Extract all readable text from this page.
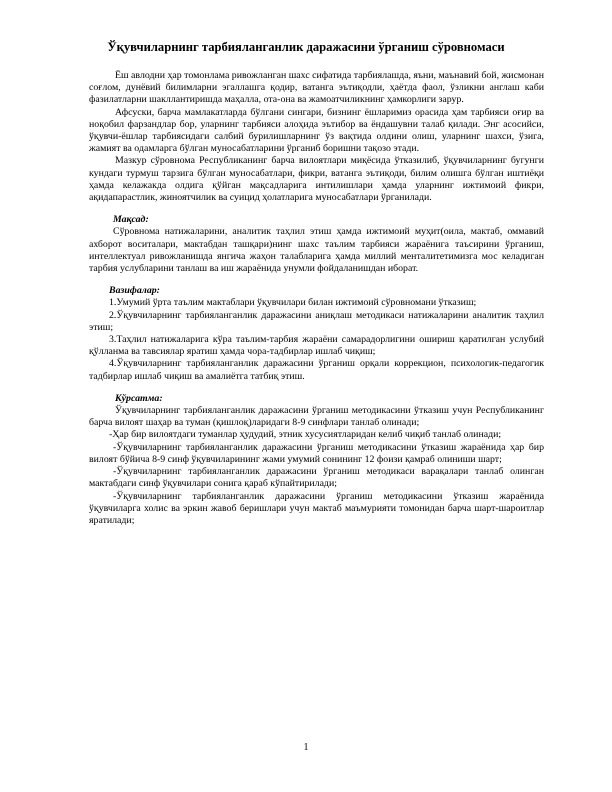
Ўқувчиларнинг тарбияланганлик даражасини ўрганиш сўровномаси

Ёш авлодни ҳар томонлама ривожланган шахс сифатида тарбиялашда, яъни, маънавий бой, жисмонан соғлом, дунёвий билимларни эгаллашга қодир, ватанга эътиқодли, ҳаётда фаол, ўзликни англаш каби фазилатларни шакллантиришда маҳалла, ота-она ва жамоатчиликнинг ҳамкорлиги зарур.

Афсуски, барча мамлакатларда бўлгани сингари, бизнинг ёшларимиз орасида ҳам тарбияси оғир ва ноқобил фарзандлар бор, уларнинг тарбияси алоҳида эътибор ва ёндашувни талаб қилади. Энг асосийси, ўқувчи-ёшлар тарбиясидаги салбий бурилишларнинг ўз вақтида олдини олиш, уларнинг шахси, ўзига, жамият ва одамларга бўлган муносабатларини ўрганиб боришни тақозо этади.

Мазкур сўровнома Республиканинг барча вилоятлари миқёсида ўтказилиб, ўқувчиларнинг бугунги кундаги турмуш тарзига бўлган муносабатлари, фикри, ватанга эътиқоди, билим олишга бўлган иштиёқи ҳамда келажакда олдига қўйган мақсадларига интилишлари ҳамда уларнинг ижтимоий фикри, ақидапарастлик, жиноятчилик ва суицид ҳолатларига муносабатлари ўрганилади.

Мақсад:

Сўровнома натижаларини, аналитик таҳлил этиш ҳамда ижтимоий муҳит(оила, мактаб, оммавий ахборот воситалари, мактабдан ташқари)нинг шахс таълим тарбияси жараёнига таъсирини ўрганиш, интеллектуал ривожланишда янгича жаҳон талабларига ҳамда миллий менталитетимизга мос келадиган тарбия услубларини танлаш ва иш жараёнида унумли фойдаланишдан иборат.

Вазифалар:

1.Умумий ўрта таълим мактаблари ўқувчилари билан ижтимоий сўровномани ўтказиш;

2.Ўқувчиларнинг тарбияланганлик даражасини аниқлаш методикаси натижаларини аналитик таҳлил этиш;

3.Таҳлил натижаларига кўра таълим-тарбия жараёни самарадорлигини ошириш қаратилган услубий қўлланма ва тавсиялар яратиш ҳамда чора-тадбирлар ишлаб чиқиш;

4.Ўқувчиларнинг тарбияланганлик даражасини ўрганиш орқали коррекцион, психологик-педагогик тадбирлар ишлаб чиқиш ва амалиётга татбиқ этиш.

Кўрсатма:

Ўқувчиларнинг тарбияланганлик даражасини ўрганиш методикасини ўтказиш учун Республиканинг барча вилоят шаҳар ва туман (қишлоқ)ларидаги 8-9 синфлари танлаб олинади;

-Ҳар бир вилоятдаги туманлар ҳудудий, этник хусусиятларидан келиб чиқиб танлаб олинади;

-Ўқувчиларнинг тарбияланганлик даражасини ўрганиш методикасини ўтказиш жараёнида ҳар бир вилоят бўйича 8-9 синф ўқувчиларининг жами умумий сонининг 12 фоизи қамраб олиниши шарт;

-Ўқувчиларнинг тарбияланганлик даражасини ўрганиш методикаси варақалари танлаб олинган мактабдаги синф ўқувчилари сонига қараб кўпайтирилади;

-Ўқувчиларнинг тарбияланганлик даражасини ўрганиш методикасини ўтказиш жараёнида ўқувчиларга холис ва эркин жавоб беришлари учун мактаб маъмурияти томонидан барча шарт-шароитлар яратилади;

1
